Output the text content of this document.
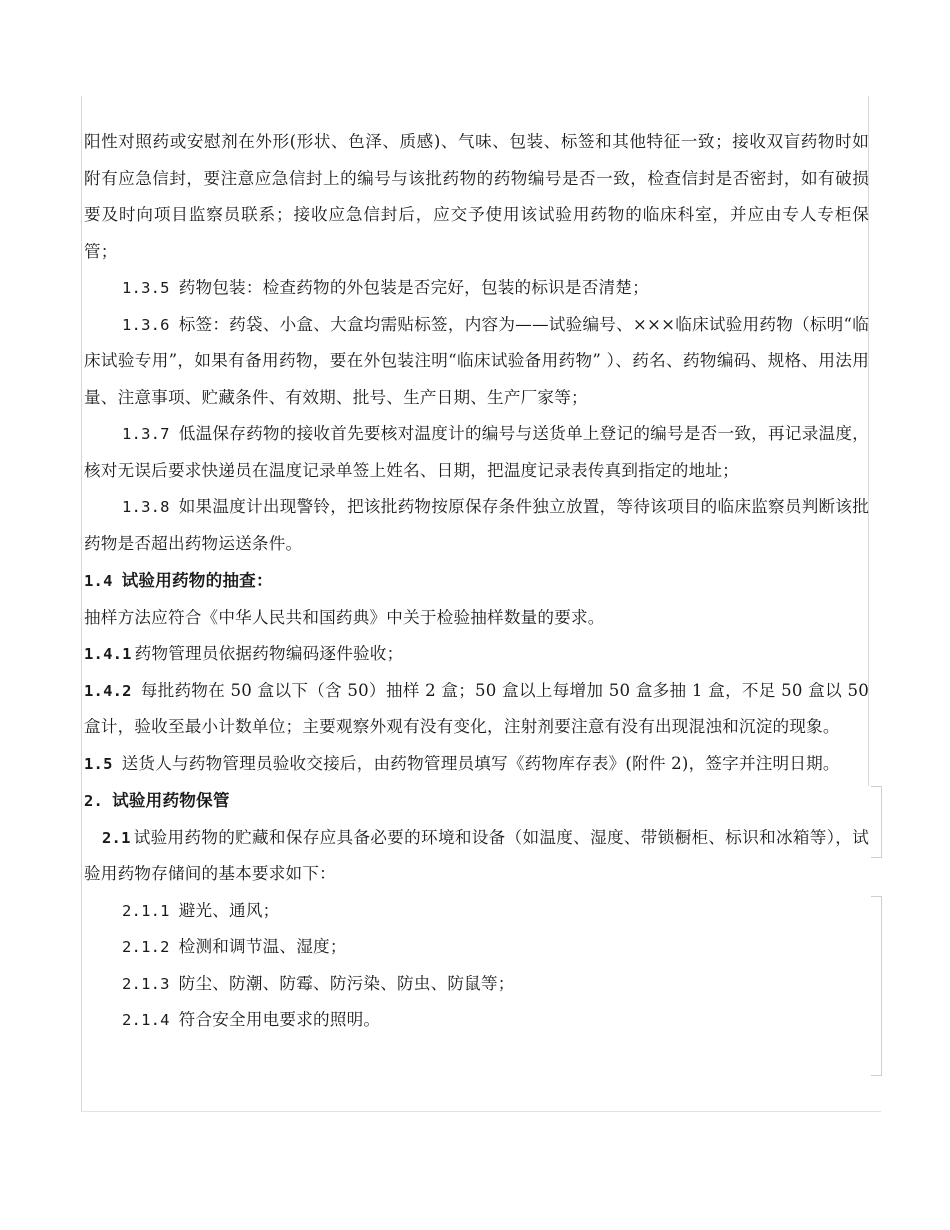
阳性对照药或安慰剂在外形(形状、色泽、质感)、气味、包装、标签和其他特征一致；接收双盲药物时如附有应急信封，要注意应急信封上的编号与该批药物的药物编号是否一致，检查信封是否密封，如有破损要及时向项目监察员联系；接收应急信封后，应交予使用该试验用药物的临床科室，并应由专人专柜保管；

1.3.5 药物包装：检查药物的外包装是否完好，包装的标识是否清楚；

1.3.6 标签：药袋、小盒、大盒均需贴标签，内容为——试验编号、×××临床试验用药物（标明“临床试验专用”，如果有备用药物，要在外包装注明“临床试验备用药物” ）、药名、药物编码、规格、用法用量、注意事项、贮藏条件、有效期、批号、生产日期、生产厂家等；

1.3.7 低温保存药物的接收首先要核对温度计的编号与送货单上登记的编号是否一致，再记录温度，核对无误后要求快递员在温度记录单签上姓名、日期，把温度记录表传真到指定的地址；

1.3.8 如果温度计出现警铃，把该批药物按原保存条件独立放置，等待该项目的临床监察员判断该批药物是否超出药物运送条件。

1.4 试验用药物的抽查：

抽样方法应符合《中华人民共和国药典》中关于检验抽样数量的要求。

1.4.1 药物管理员依据药物编码逐件验收；

1.4.2 每批药物在 50 盒以下（含 50）抽样 2 盒；50 盒以上每增加 50 盒多抽 1 盒，不足 50 盒以 50 盒计，验收至最小计数单位；主要观察外观有没有变化，注射剂要注意有没有出现混浊和沉淀的现象。

1.5 送货人与药物管理员验收交接后，由药物管理员填写《药物库存表》(附件 2)，签字并注明日期。

2. 试验用药物保管

2.1 试验用药物的贮藏和保存应具备必要的环境和设备（如温度、湿度、带锁橱柜、标识和冰箱等），试验用药物存储间的基本要求如下：

2.1.1 避光、通风；

2.1.2 检测和调节温、湿度；

2.1.3 防尘、防潮、防霉、防污染、防虫、防鼠等；

2.1.4 符合安全用电要求的照明。
